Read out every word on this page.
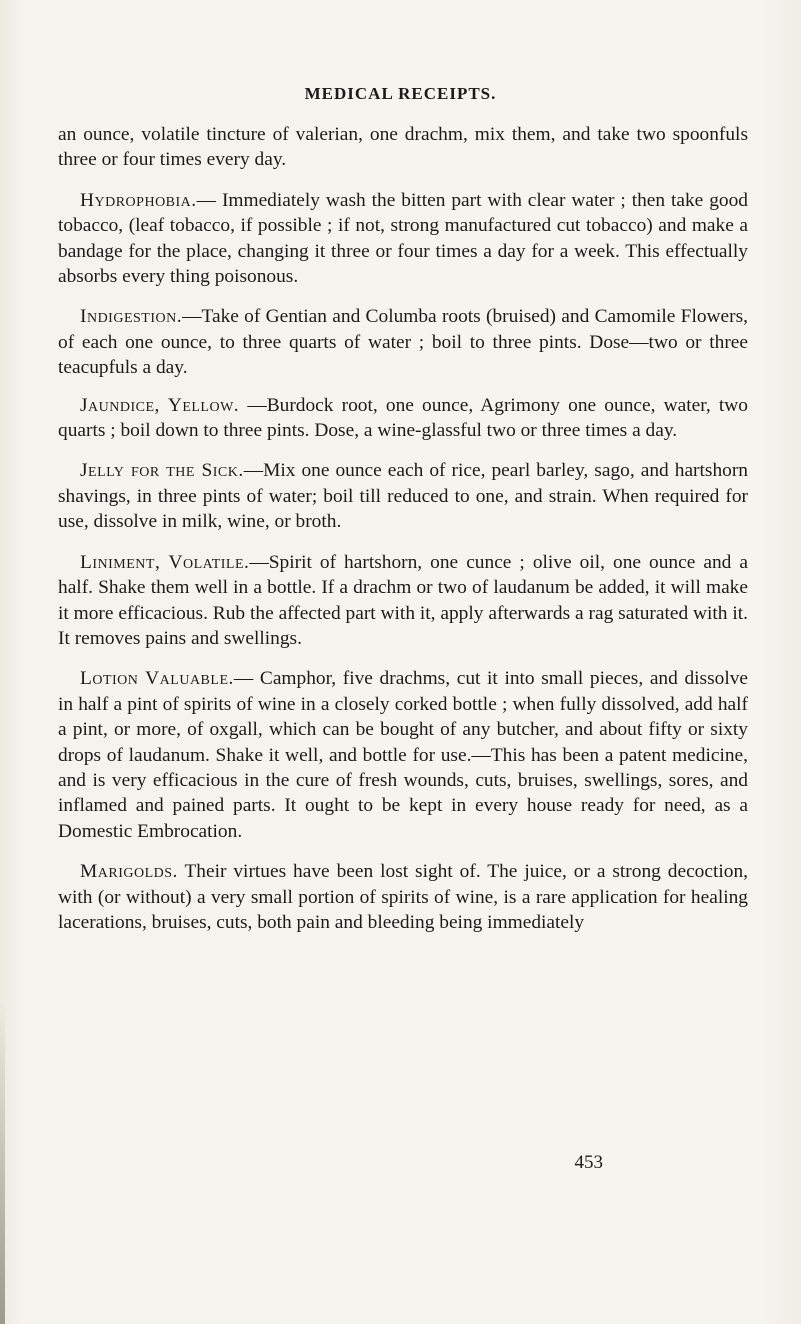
MEDICAL RECEIPTS.

an ounce, volatile tincture of valerian, one drachm, mix them, and take two spoonfuls three or four times every day.

Hydrophobia.— Immediately wash the bitten part with clear water ; then take good tobacco, (leaf tobacco, if possible ; if not, strong manufactured cut tobacco) and make a bandage for the place, changing it three or four times a day for a week. This effectually absorbs every thing poisonous.

Indigestion.—Take of Gentian and Columba roots (bruised) and Camomile Flowers, of each one ounce, to three quarts of water ; boil to three pints. Dose—two or three teacupfuls a day.

Jaundice, Yellow. —Burdock root, one ounce, Agrimony one ounce, water, two quarts ; boil down to three pints. Dose, a wine-glassful two or three times a day.

Jelly for the Sick.—Mix one ounce each of rice, pearl barley, sago, and hartshorn shavings, in three pints of water; boil till reduced to one, and strain. When required for use, dissolve in milk, wine, or broth.

Liniment, Volatile.—Spirit of hartshorn, one cunce ; olive oil, one ounce and a half. Shake them well in a bottle. If a drachm or two of laudanum be added, it will make it more efficacious. Rub the affected part with it, apply afterwards a rag saturated with it. It removes pains and swellings.

Lotion Valuable.— Camphor, five drachms, cut it into small pieces, and dissolve in half a pint of spirits of wine in a closely corked bottle ; when fully dissolved, add half a pint, or more, of oxgall, which can be bought of any butcher, and about fifty or sixty drops of laudanum. Shake it well, and bottle for use.—This has been a patent medicine, and is very efficacious in the cure of fresh wounds, cuts, bruises, swellings, sores, and inflamed and pained parts. It ought to be kept in every house ready for need, as a Domestic Embrocation.

Marigolds. Their virtues have been lost sight of. The juice, or a strong decoction, with (or without) a very small portion of spirits of wine, is a rare application for healing lacerations, bruises, cuts, both pain and bleeding being immediately

453
